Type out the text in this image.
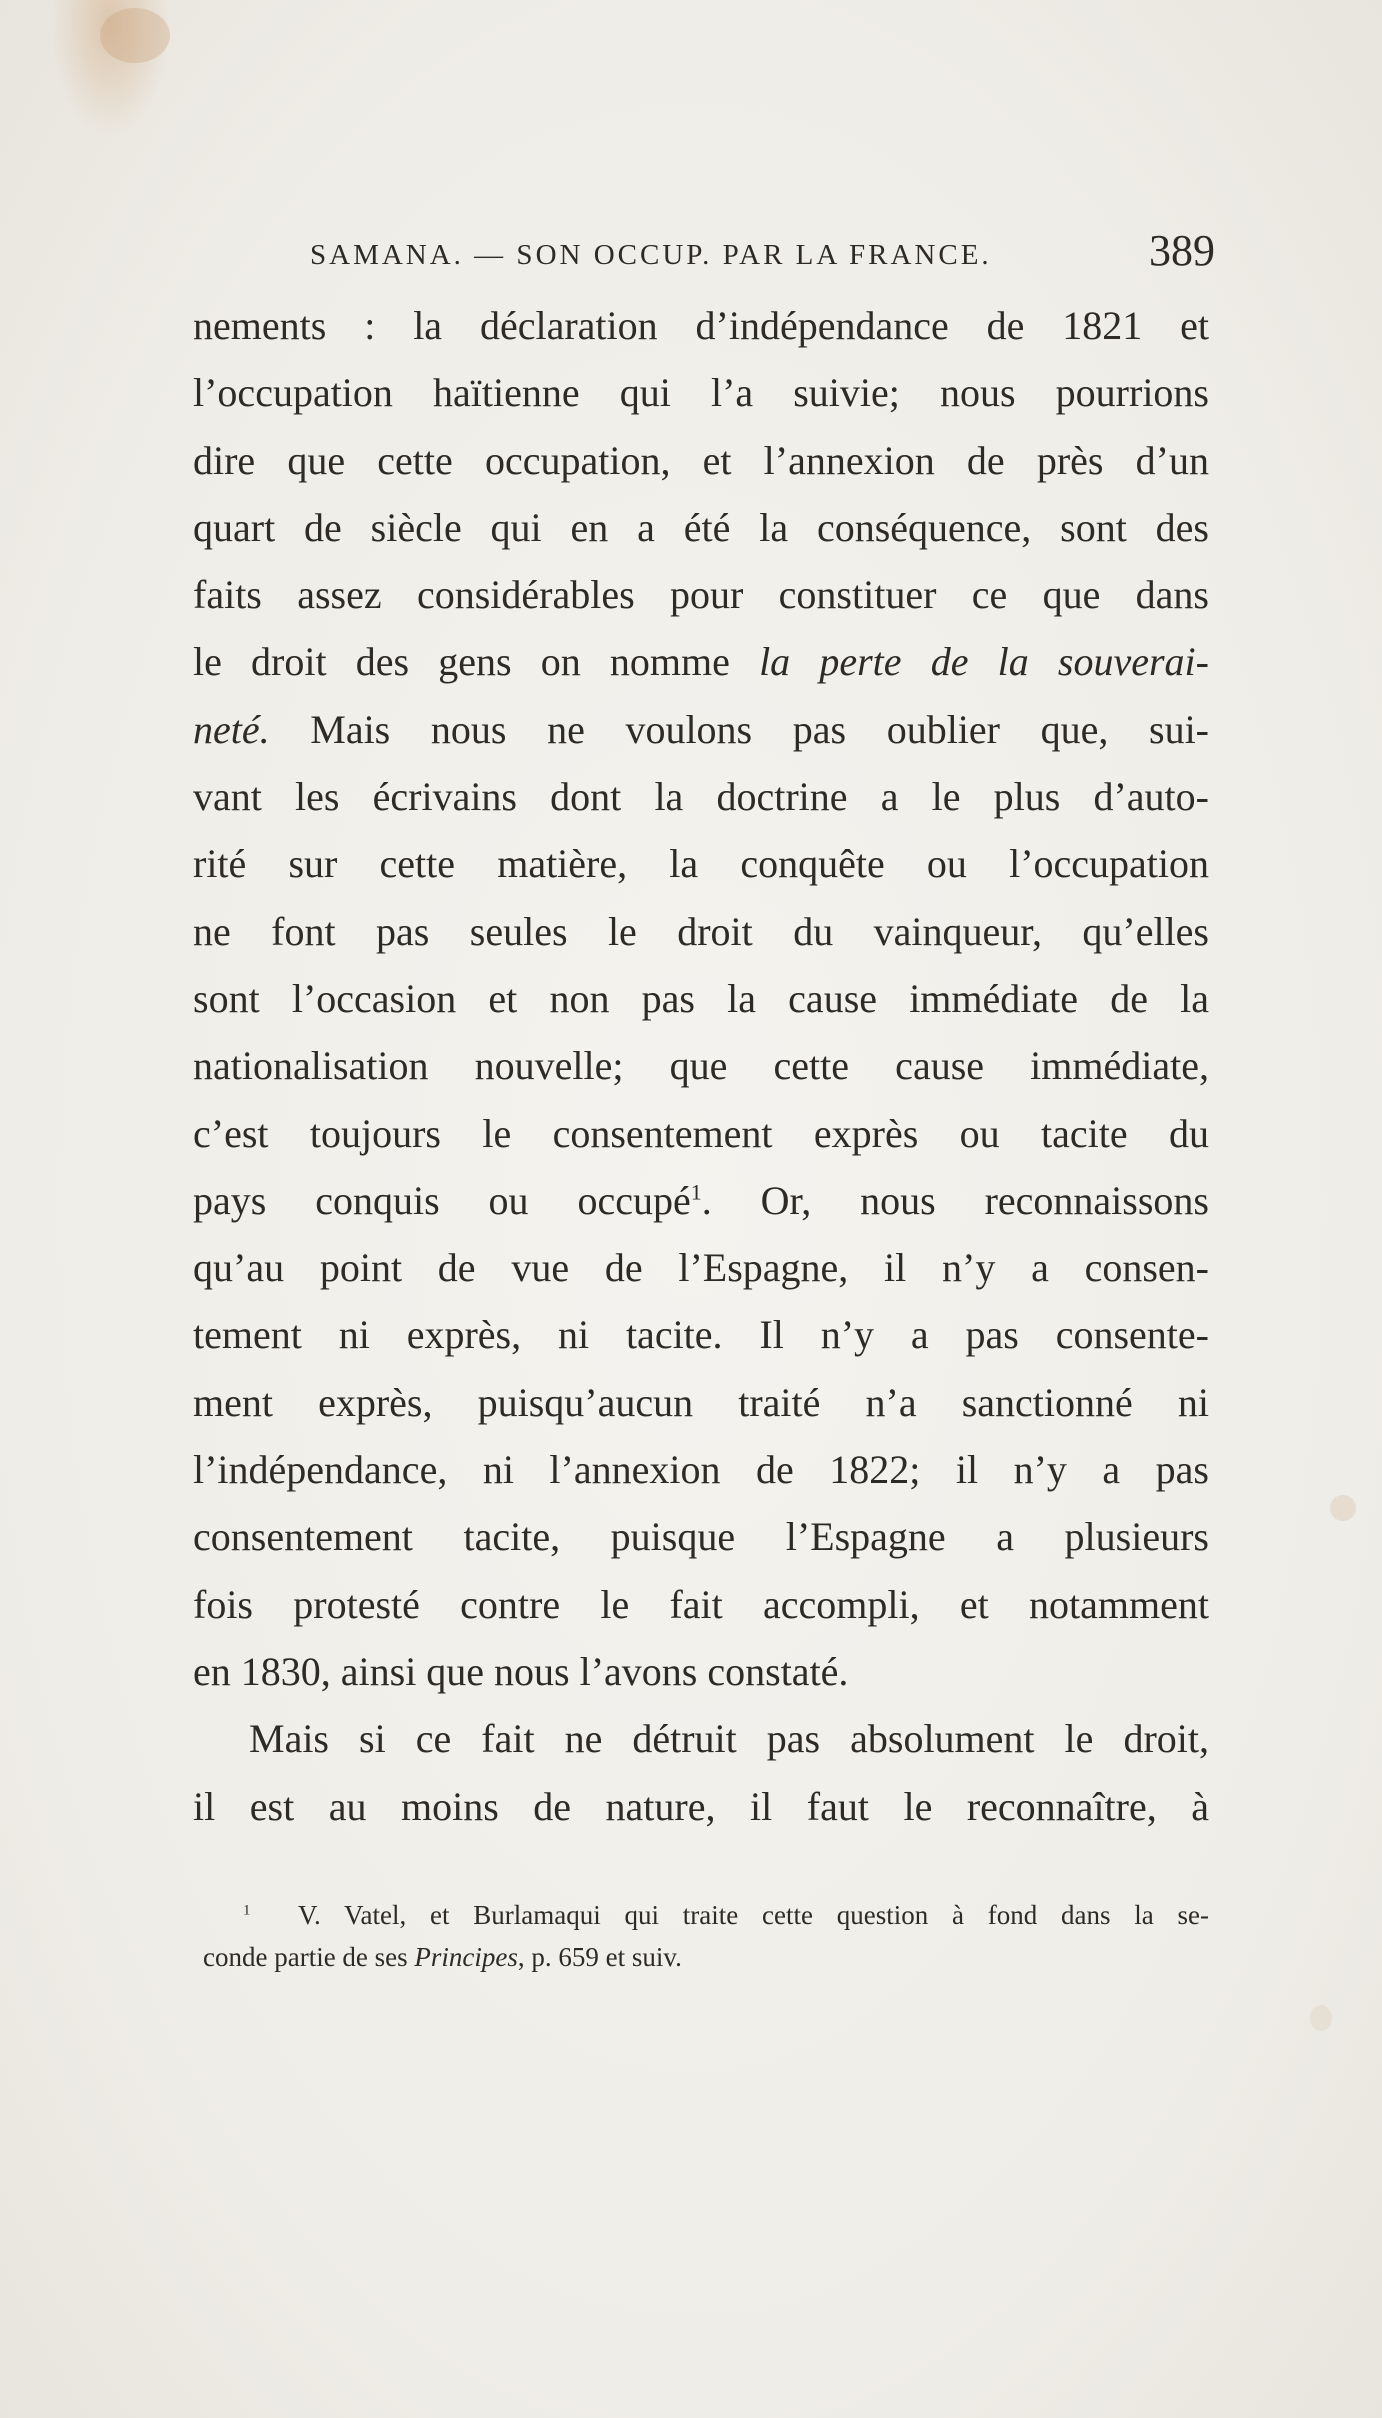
SAMANA. — SON OCCUP. PAR LA FRANCE.	389
nements : la déclaration d’indépendance de 1821 et
l’occupation haïtienne qui l’a suivie; nous pourrions
dire que cette occupation, et l’annexion de près d’un
quart de siècle qui en a été la conséquence, sont des
faits assez considérables pour constituer ce que dans
le droit des gens on nomme la perte de la souverai-
neté. Mais nous ne voulons pas oublier que, sui-
vant les écrivains dont la doctrine a le plus d’auto-
rité sur cette matière, la conquête ou l’occupation
ne font pas seules le droit du vainqueur, qu’elles
sont l’occasion et non pas la cause immédiate de la
nationalisation nouvelle; que cette cause immédiate,
c’est toujours le consentement exprès ou tacite du
pays conquis ou occupé$^1$. Or, nous reconnaissons
qu’au point de vue de l’Espagne, il n’y a consen-
tement ni exprès, ni tacite. Il n’y a pas consente-
ment exprès, puisqu’aucun traité n’a sanctionné ni
l’indépendance, ni l’annexion de 1822; il n’y a pas
consentement tacite, puisque l’Espagne a plusieurs
fois protesté contre le fait accompli, et notamment
en 1830, ainsi que nous l’avons constaté.
Mais si ce fait ne détruit pas absolument le droit,
il est au moins de nature, il faut le reconnaître, à
$^1$ V. Vatel, et Burlamaqui qui traite cette question à fond dans la se-
conde partie de ses Principes, p. 659 et suiv.
